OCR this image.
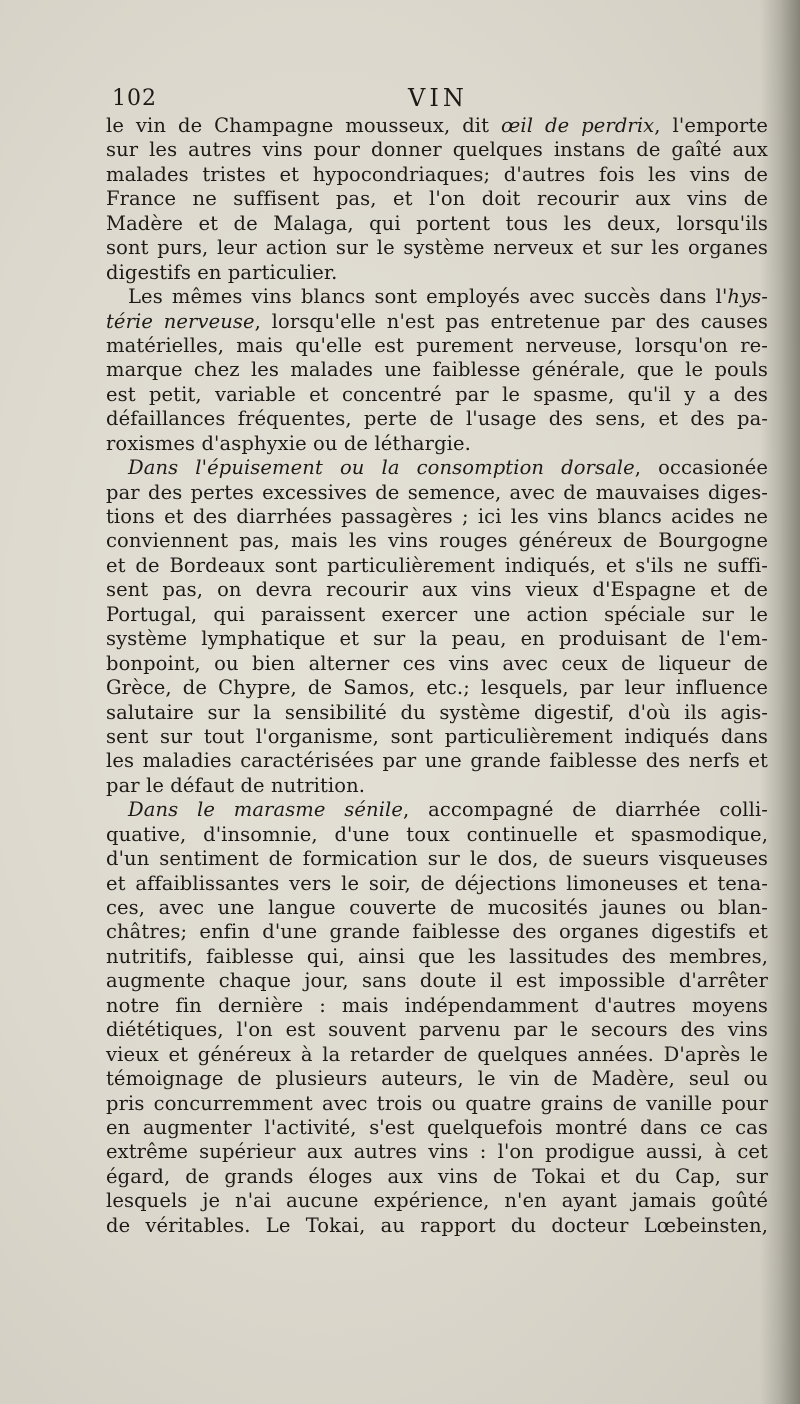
102	VIN
le vin de Champagne mousseux, dit œil de perdrix, l'emporte
sur les autres vins pour donner quelques instans de gaîté aux
malades tristes et hypocondriaques; d'autres fois les vins de
France ne suffisent pas, et l'on doit recourir aux vins de
Madère et de Malaga, qui portent tous les deux, lorsqu'ils
sont purs, leur action sur le système nerveux et sur les organes
digestifs en particulier.
Les mêmes vins blancs sont employés avec succès dans l'hys-
térie nerveuse, lorsqu'elle n'est pas entretenue par des causes
matérielles, mais qu'elle est purement nerveuse, lorsqu'on re-
marque chez les malades une faiblesse générale, que le pouls
est petit, variable et concentré par le spasme, qu'il y a des
défaillances fréquentes, perte de l'usage des sens, et des pa-
roxismes d'asphyxie ou de léthargie.
Dans l'épuisement ou la consomption dorsale, occasionée
par des pertes excessives de semence, avec de mauvaises diges-
tions et des diarrhées passagères ; ici les vins blancs acides ne
conviennent pas, mais les vins rouges généreux de Bourgogne
et de Bordeaux sont particulièrement indiqués, et s'ils ne suffi-
sent pas, on devra recourir aux vins vieux d'Espagne et de
Portugal, qui paraissent exercer une action spéciale sur le
système lymphatique et sur la peau, en produisant de l'em-
bonpoint, ou bien alterner ces vins avec ceux de liqueur de
Grèce, de Chypre, de Samos, etc.; lesquels, par leur influence
salutaire sur la sensibilité du système digestif, d'où ils agis-
sent sur tout l'organisme, sont particulièrement indiqués dans
les maladies caractérisées par une grande faiblesse des nerfs et
par le défaut de nutrition.
Dans le marasme sénile, accompagné de diarrhée colli-
quative, d'insomnie, d'une toux continuelle et spasmodique,
d'un sentiment de formication sur le dos, de sueurs visqueuses
et affaiblissantes vers le soir, de déjections limoneuses et tena-
ces, avec une langue couverte de mucosités jaunes ou blan-
châtres; enfin d'une grande faiblesse des organes digestifs et
nutritifs, faiblesse qui, ainsi que les lassitudes des membres,
augmente chaque jour, sans doute il est impossible d'arrêter
notre fin dernière : mais indépendamment d'autres moyens
diététiques, l'on est souvent parvenu par le secours des vins
vieux et généreux à la retarder de quelques années. D'après le
témoignage de plusieurs auteurs, le vin de Madère, seul ou
pris concurremment avec trois ou quatre grains de vanille pour
en augmenter l'activité, s'est quelquefois montré dans ce cas
extrême supérieur aux autres vins : l'on prodigue aussi, à cet
égard, de grands éloges aux vins de Tokai et du Cap, sur
lesquels je n'ai aucune expérience, n'en ayant jamais goûté
de véritables. Le Tokai, au rapport du docteur Lœbeinsten,
